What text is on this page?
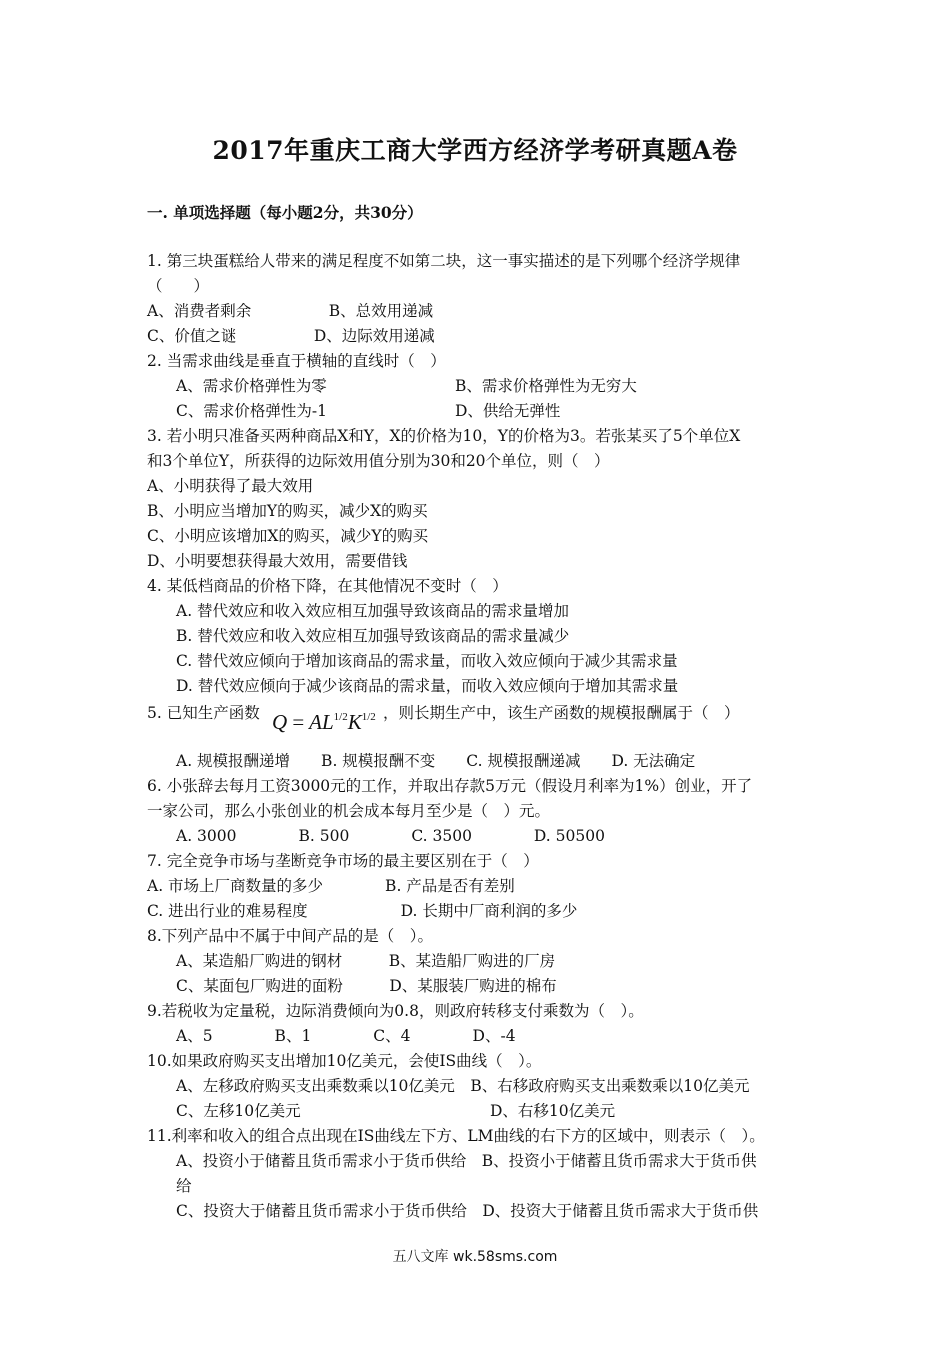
2017年重庆工商大学西方经济学考研真题A卷
一. 单项选择题（每小题2分，共30分）
1. 第三块蛋糕给人带来的满足程度不如第二块，这一事实描述的是下列哪个经济学规律
（　　）
A、消费者剩余　　　　　B、总效用递减
C、价值之谜　　　　　D、边际效用递减
2. 当需求曲线是垂直于横轴的直线时（　）
A、需求价格弹性为零	B、需求价格弹性为无穷大
C、需求价格弹性为-1	D、供给无弹性
3. 若小明只准备买两种商品X和Y，X的价格为10，Y的价格为3。若张某买了5个单位X
和3个单位Y，所获得的边际效用值分别为30和20个单位，则（　）
A、小明获得了最大效用
B、小明应当增加Y的购买，减少X的购买
C、小明应该增加X的购买，减少Y的购买
D、小明要想获得最大效用，需要借钱
4. 某低档商品的价格下降，在其他情况不变时（　）
A. 替代效应和收入效应相互加强导致该商品的需求量增加
B. 替代效应和收入效应相互加强导致该商品的需求量减少
C. 替代效应倾向于增加该商品的需求量，而收入效应倾向于减少其需求量
D. 替代效应倾向于减少该商品的需求量，而收入效应倾向于增加其需求量
5. 已知生产函数 $Q = AL^{1/2}K^{1/2}$ ，则长期生产中，该生产函数的规模报酬属于（　）
A. 规模报酬递增　　B. 规模报酬不变　　C. 规模报酬递减　　D. 无法确定
6. 小张辞去每月工资3000元的工作，并取出存款5万元（假设月利率为1%）创业，开了
一家公司，那么小张创业的机会成本每月至少是（　）元。
A. 3000　　　　B. 500　　　　C. 3500　　　　D. 50500
7. 完全竞争市场与垄断竞争市场的最主要区别在于（　）
A. 市场上厂商数量的多少　　　　B. 产品是否有差别
C. 进出行业的难易程度　　　　　　D. 长期中厂商利润的多少
8.下列产品中不属于中间产品的是（　）。
A、某造船厂购进的钢材　　　B、某造船厂购进的厂房
C、某面包厂购进的面粉　　　D、某服装厂购进的棉布
9.若税收为定量税，边际消费倾向为0.8，则政府转移支付乘数为（　）。
A、5　　　　B、1　　　　C、4　　　　D、-4
10.如果政府购买支出增加10亿美元，会使IS曲线（　）。
A、左移政府购买支出乘数乘以10亿美元　B、右移政府购买支出乘数乘以10亿美元
C、左移10亿美元	D、右移10亿美元
11.利率和收入的组合点出现在IS曲线左下方、LM曲线的右下方的区域中，则表示（　）。
A、投资小于储蓄且货币需求小于货币供给　B、投资小于储蓄且货币需求大于货币供
给
C、投资大于储蓄且货币需求小于货币供给　D、投资大于储蓄且货币需求大于货币供
五八文库 wk.58sms.com
